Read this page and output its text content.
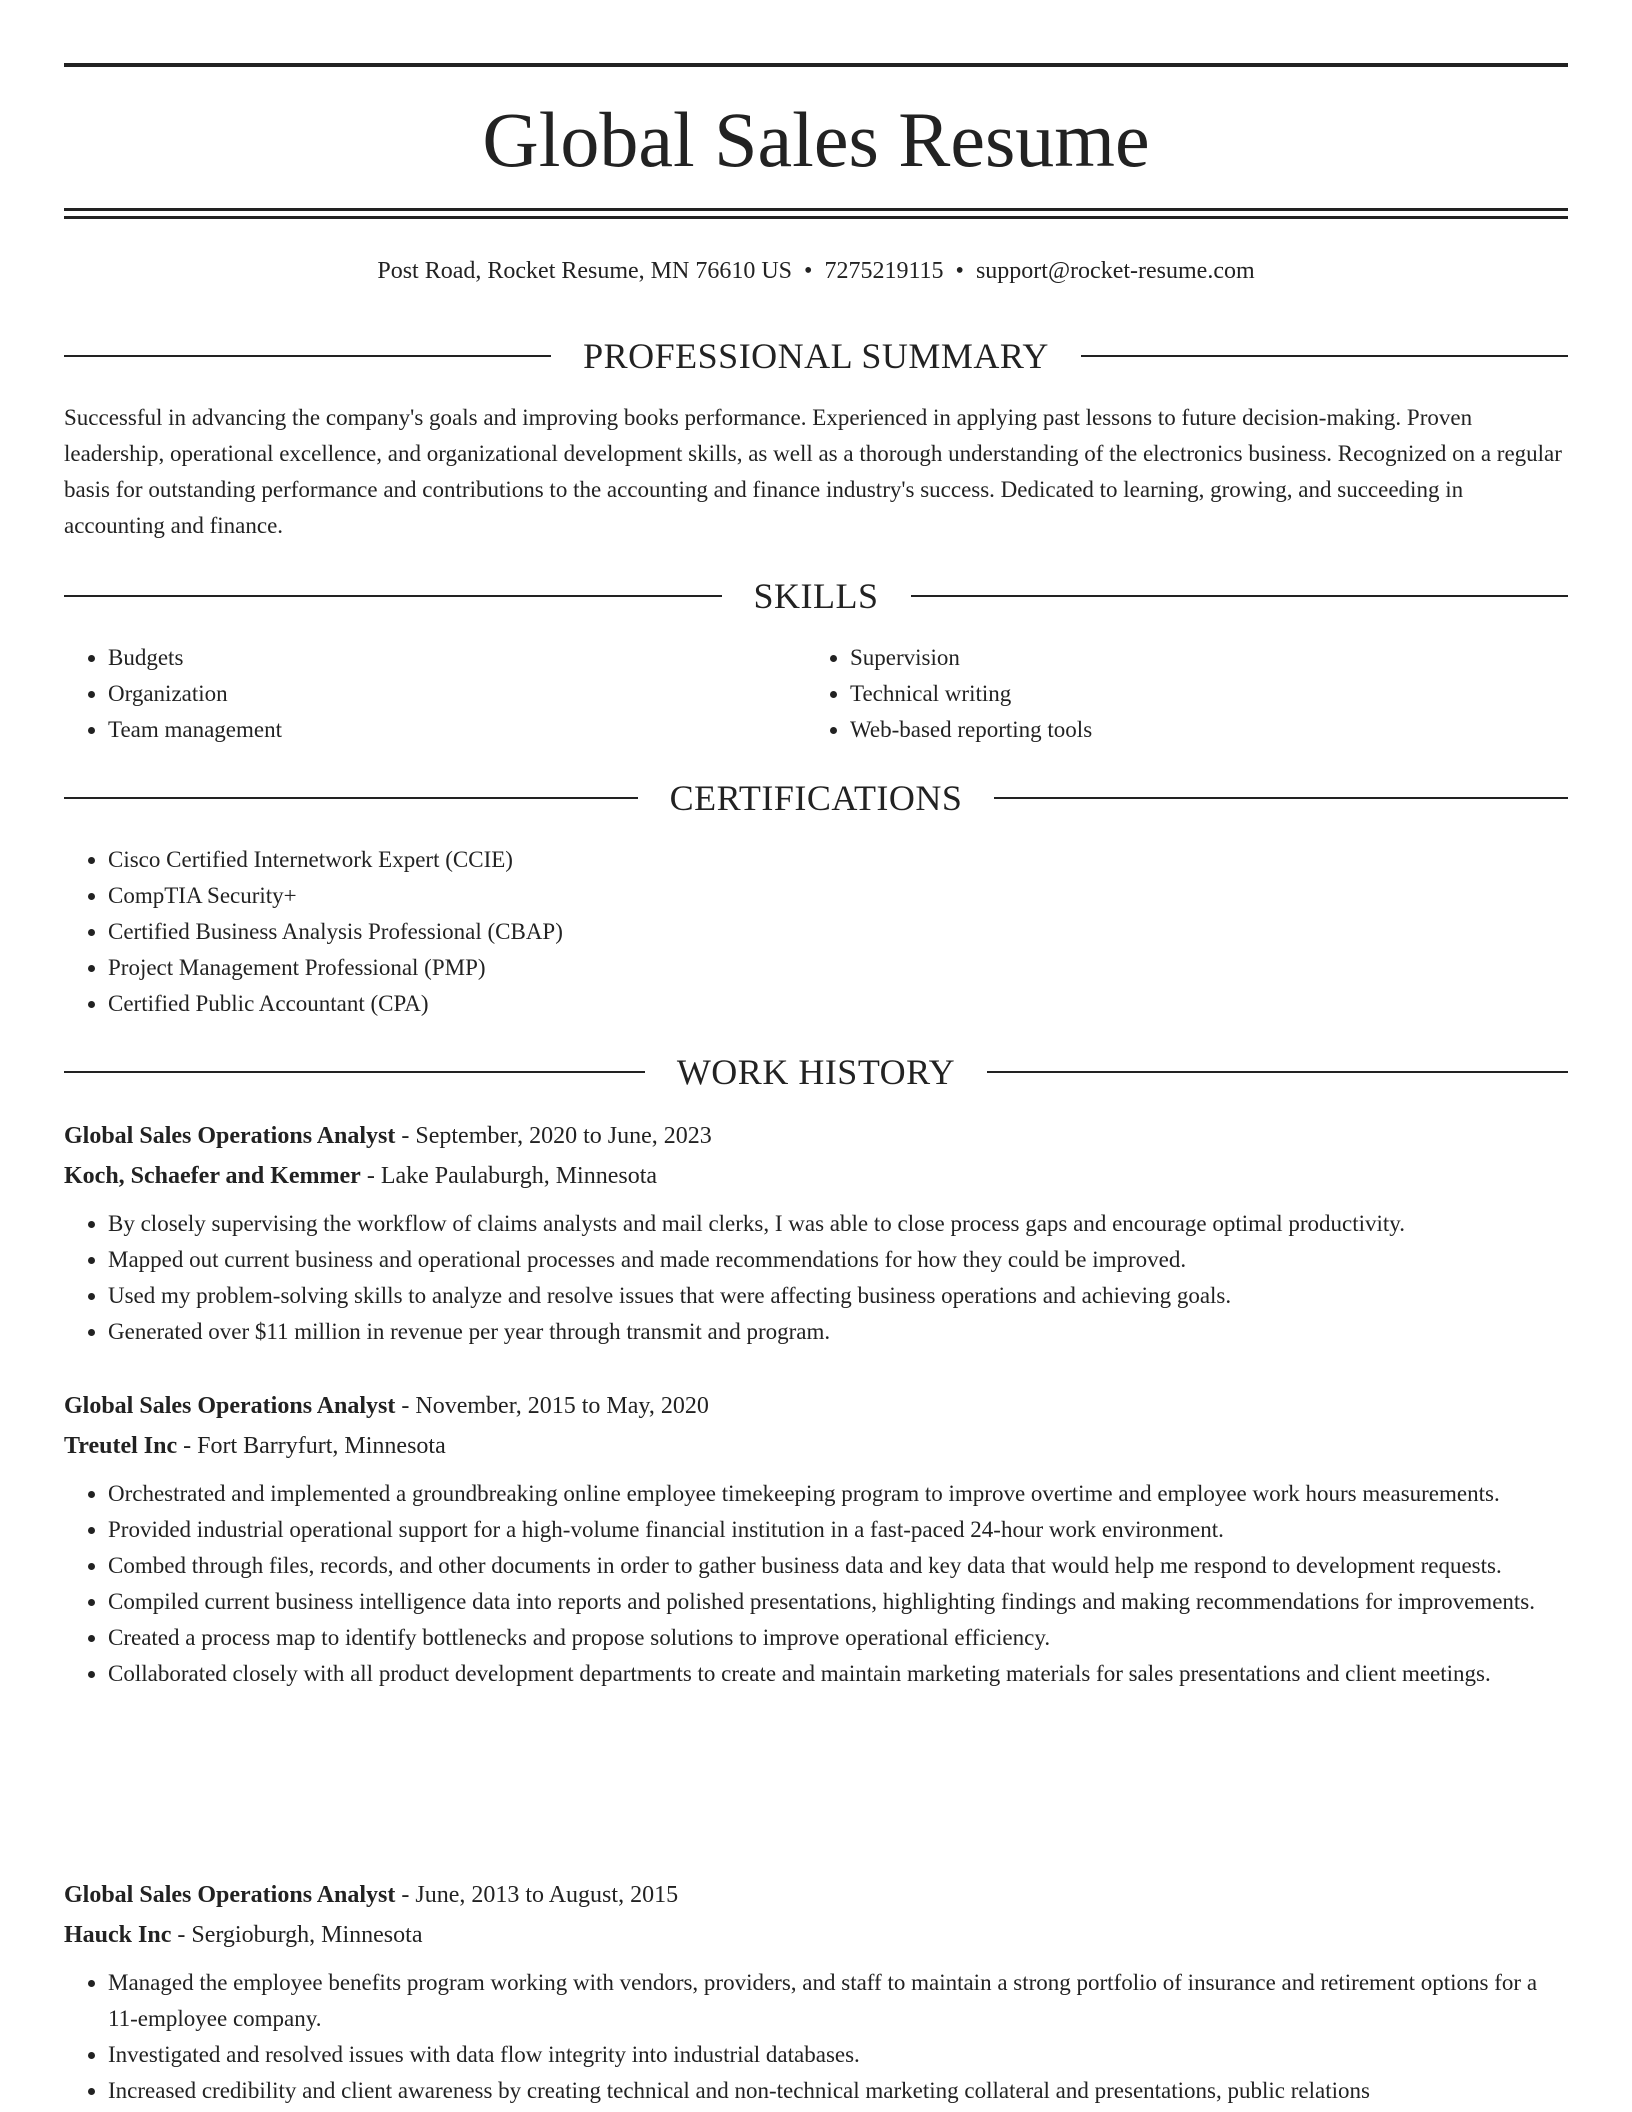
Global Sales Resume
Post Road, Rocket Resume, MN 76610 US • 7275219115 • support@rocket-resume.com
PROFESSIONAL SUMMARY

Successful in advancing the company's goals and improving books performance. Experienced in applying past lessons to future decision-making. Proven leadership, operational excellence, and organizational development skills, as well as a thorough understanding of the electronics business. Recognized on a regular basis for outstanding performance and contributions to the accounting and finance industry's success. Dedicated to learning, growing, and succeeding in accounting and finance.

SKILLS
• Budgets
• Organization
• Team management
• Supervision
• Technical writing
• Web-based reporting tools
CERTIFICATIONS
• Cisco Certified Internetwork Expert (CCIE)
• CompTIA Security+
• Certified Business Analysis Professional (CBAP)
• Project Management Professional (PMP)
• Certified Public Accountant (CPA)
WORK HISTORY

Global Sales Operations Analyst - September, 2020 to June, 2023

Koch, Schaefer and Kemmer - Lake Paulaburgh, Minnesota

• By closely supervising the workflow of claims analysts and mail clerks, I was able to close process gaps and encourage optimal productivity.
• Mapped out current business and operational processes and made recommendations for how they could be improved.
• Used my problem-solving skills to analyze and resolve issues that were affecting business operations and achieving goals.
• Generated over $11 million in revenue per year through transmit and program.

Global Sales Operations Analyst - November, 2015 to May, 2020

Treutel Inc - Fort Barryfurt, Minnesota

• Orchestrated and implemented a groundbreaking online employee timekeeping program to improve overtime and employee work hours measurements.
• Provided industrial operational support for a high-volume financial institution in a fast-paced 24-hour work environment.
• Combed through files, records, and other documents in order to gather business data and key data that would help me respond to development requests.
• Compiled current business intelligence data into reports and polished presentations, highlighting findings and making recommendations for improvements.
• Created a process map to identify bottlenecks and propose solutions to improve operational efficiency.
• Collaborated closely with all product development departments to create and maintain marketing materials for sales presentations and client meetings.

Global Sales Operations Analyst - June, 2013 to August, 2015

Hauck Inc - Sergioburgh, Minnesota

• Managed the employee benefits program working with vendors, providers, and staff to maintain a strong portfolio of insurance and retirement options for a 11-employee company.
• Investigated and resolved issues with data flow integrity into industrial databases.
• Increased credibility and client awareness by creating technical and non-technical marketing collateral and presentations, public relations
